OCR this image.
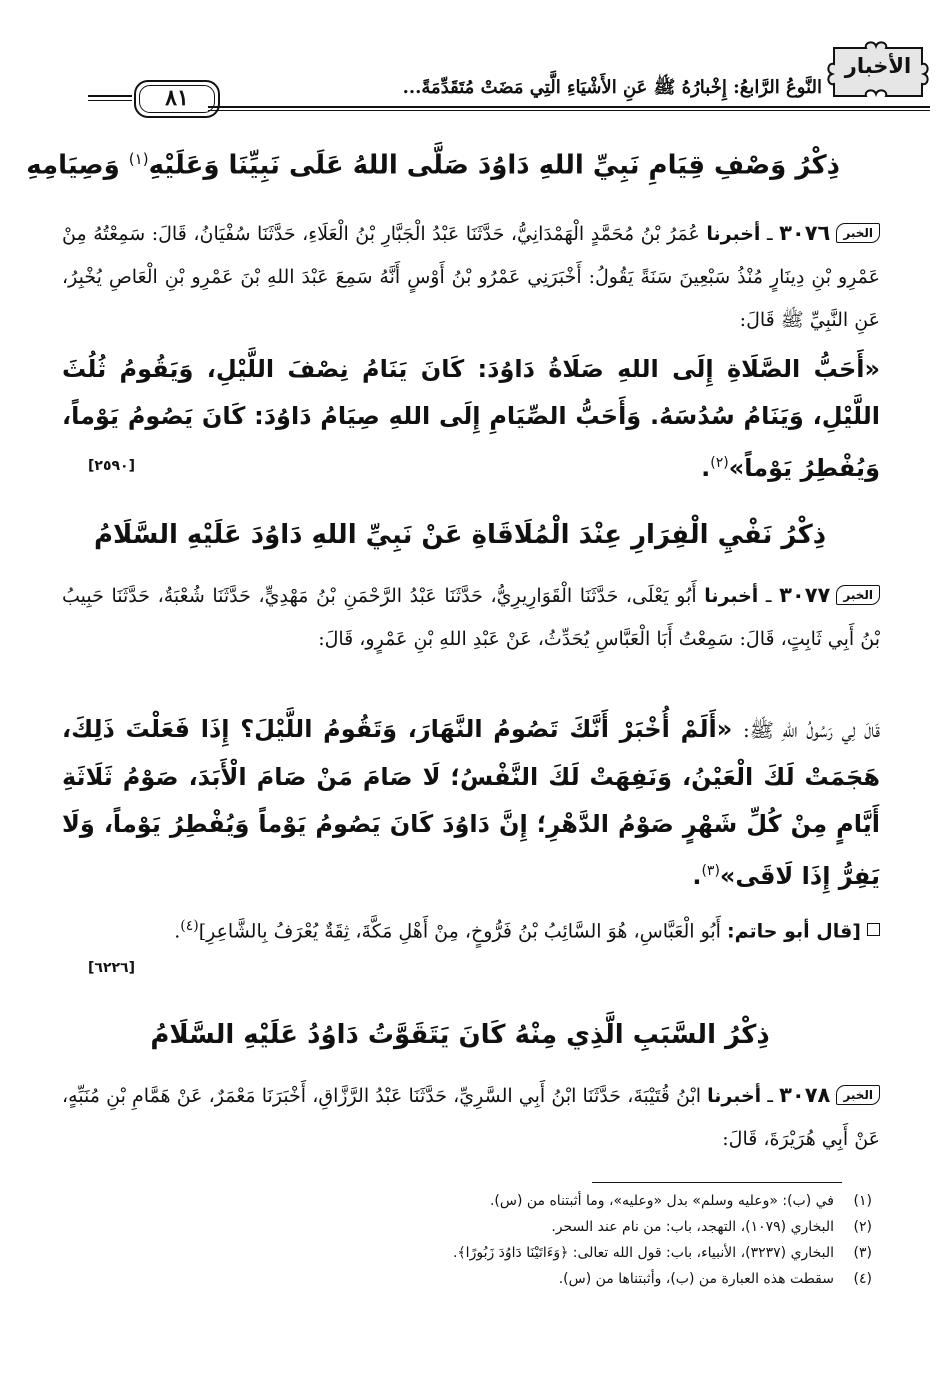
الأخبار
النَّوعُ الرَّابعُ: إِخْبارُهُ ﷺ عَنِ الأَشْيَاءِ الَّتِي مَضَتْ مُتَقَدِّمَةً...
٨١
ذِكْرُ وَصْفِ قِيَامِ نَبِيِّ اللهِ دَاوُدَ صَلَّى اللهُ عَلَى نَبِيِّنَا وَعَلَيْهِ$^{(١)}$ وَصِيَامِهِ
الخبر٣٠٧٦ ـ أخبرنا عُمَرُ بْنُ مُحَمَّدٍ الْهَمْدَانِيُّ، حَدَّثَنَا عَبْدُ الْجَبَّارِ بْنُ الْعَلَاءِ، حَدَّثَنَا سُفْيَانُ، قَالَ: سَمِعْتُهُ مِنْ عَمْرِو بْنِ دِينَارٍ مُنْذُ سَبْعِينَ سَنَةً يَقُولُ: أَخْبَرَنِي عَمْرُو بْنُ أَوْسٍ أَنَّهُ سَمِعَ عَبْدَ اللهِ بْنَ عَمْرِو بْنِ الْعَاصِ يُخْبِرُ، عَنِ النَّبِيِّ ﷺ قَالَ:
«أَحَبُّ الصَّلَاةِ إِلَى اللهِ صَلَاةُ دَاوُدَ: كَانَ يَنَامُ نِصْفَ اللَّيْلِ، وَيَقُومُ ثُلُثَ اللَّيْلِ، وَيَنَامُ سُدُسَهُ. وَأَحَبُّ الصِّيَامِ إِلَى اللهِ صِيَامُ دَاوُدَ: كَانَ يَصُومُ يَوْماً، وَيُفْطِرُ يَوْماً»$^{(٢)}$.
[٢٥٩٠]
ذِكْرُ نَفْيِ الْفِرَارِ عِنْدَ الْمُلَاقَاةِ عَنْ نَبِيِّ اللهِ دَاوُدَ عَلَيْهِ السَّلَامُ
الخبر٣٠٧٧ ـ أخبرنا أَبُو يَعْلَى، حَدَّثَنَا الْقَوَارِيرِيُّ، حَدَّثَنَا عَبْدُ الرَّحْمَنِ بْنُ مَهْدِيٍّ، حَدَّثَنَا شُعْبَةُ، حَدَّثَنَا حَبِيبُ بْنُ أَبِي ثَابِتٍ، قَالَ: سَمِعْتُ أَبَا الْعَبَّاسِ يُحَدِّثُ، عَنْ عَبْدِ اللهِ بْنِ عَمْرٍو، قَالَ:
قَالَ لِي رَسُولُ اللهِ ﷺ: «أَلَمْ أُخْبَرْ أَنَّكَ تَصُومُ النَّهَارَ، وَتَقُومُ اللَّيْلَ؟ إِذَا فَعَلْتَ ذَلِكَ، هَجَمَتْ لَكَ الْعَيْنُ، وَنَفِهَتْ لَكَ النَّفْسُ؛ لَا صَامَ مَنْ صَامَ الْأَبَدَ، صَوْمُ ثَلَاثَةِ أَيَّامٍ مِنْ كُلِّ شَهْرٍ صَوْمُ الدَّهْرِ؛ إِنَّ دَاوُدَ كَانَ يَصُومُ يَوْماً وَيُفْطِرُ يَوْماً، وَلَا يَفِرُّ إِذَا لَاقَى»$^{(٣)}$.
[قال أبو حاتم: أَبُو الْعَبَّاسِ، هُوَ السَّائِبُ بْنُ فَرُّوخٍ، مِنْ أَهْلِ مَكَّةَ، ثِقَةٌ يُعْرَفُ بِالشَّاعِرِ]$^{(٤)}$.
[٦٢٢٦]
ذِكْرُ السَّبَبِ الَّذِي مِنْهُ كَانَ يَتَقَوَّتُ دَاوُدُ عَلَيْهِ السَّلَامُ
الخبر٣٠٧٨ ـ أخبرنا ابْنُ قُتَيْبَةَ، حَدَّثَنَا ابْنُ أَبِي السَّرِيِّ، حَدَّثَنَا عَبْدُ الرَّزَّاقِ، أَخْبَرَنَا مَعْمَرٌ، عَنْ هَمَّامِ بْنِ مُنَبِّهٍ، عَنْ أَبِي هُرَيْرَةَ، قَالَ:
(١)في (ب): «وعليه وسلم» بدل «وعليه»، وما أثبتناه من (س).
(٢)البخاري (١٠٧٩)، التهجد، باب: من نام عند السحر.
(٣)البخاري (٣٢٣٧)، الأنبياء، باب: قول الله تعالى: ﴿وَءَاتَيْنَا دَاوُدَ زَبُورًا﴾.
(٤)سقطت هذه العبارة من (ب)، وأثبتناها من (س).
